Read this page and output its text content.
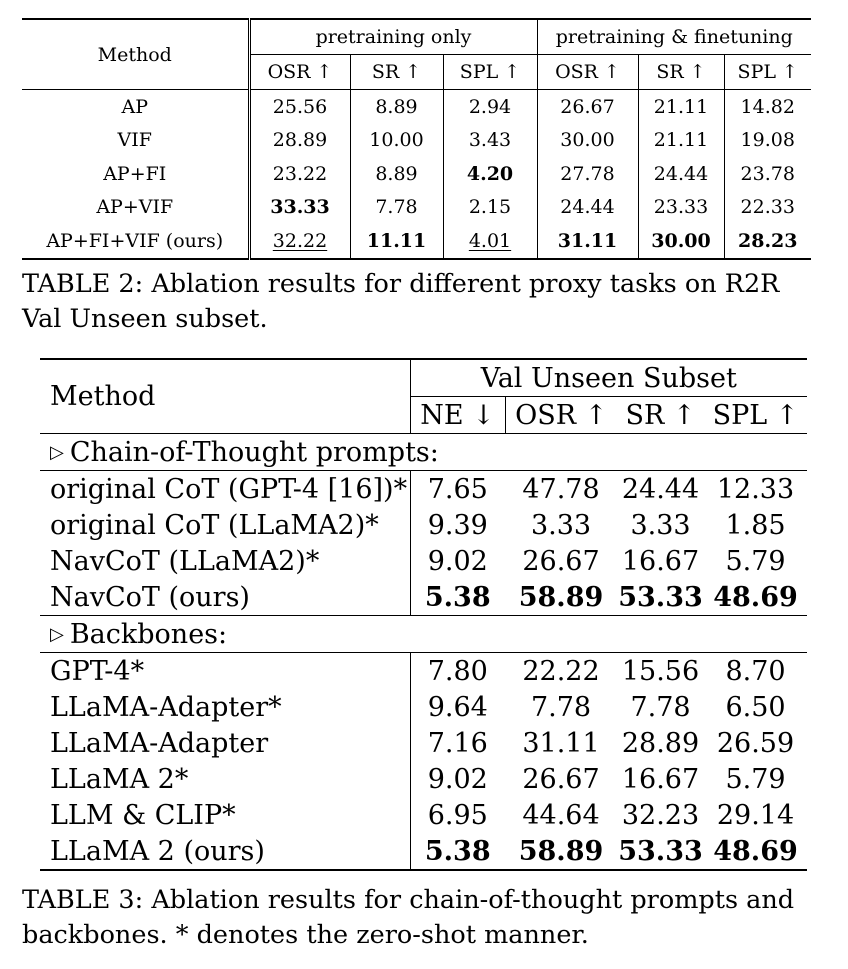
Method	pretraining only			pretraining & finetuning		
	OSR ↑	SR ↑	SPL ↑	OSR ↑	SR ↑	SPL ↑
AP	25.56	8.89	2.94	26.67	21.11	14.82
VIF	28.89	10.00	3.43	30.00	21.11	19.08
AP+FI	23.22	8.89	4.20	27.78	24.44	23.78
AP+VIF	33.33	7.78	2.15	24.44	23.33	22.33
AP+FI+VIF (ours)	32.22	11.11	4.01	31.11	30.00	28.23
TABLE 2: Ablation results for different proxy tasks on R2R Val Unseen subset.
Method	Val Unseen Subset			
	NE ↓	OSR ↑	SR ↑	SPL ↑
▷ Chain-of-Thought prompts:				
original CoT (GPT-4 [16])*	7.65	47.78	24.44	12.33
original CoT (LLaMA2)*	9.39	3.33	3.33	1.85
NavCoT (LLaMA2)*	9.02	26.67	16.67	5.79
NavCoT (ours)	5.38	58.89	53.33	48.69
▷ Backbones:				
GPT-4*	7.80	22.22	15.56	8.70
LLaMA-Adapter*	9.64	7.78	7.78	6.50
LLaMA-Adapter	7.16	31.11	28.89	26.59
LLaMA 2*	9.02	26.67	16.67	5.79
LLM & CLIP*	6.95	44.64	32.23	29.14
LLaMA 2 (ours)	5.38	58.89	53.33	48.69
TABLE 3: Ablation results for chain-of-thought prompts and backbones. * denotes the zero-shot manner.
